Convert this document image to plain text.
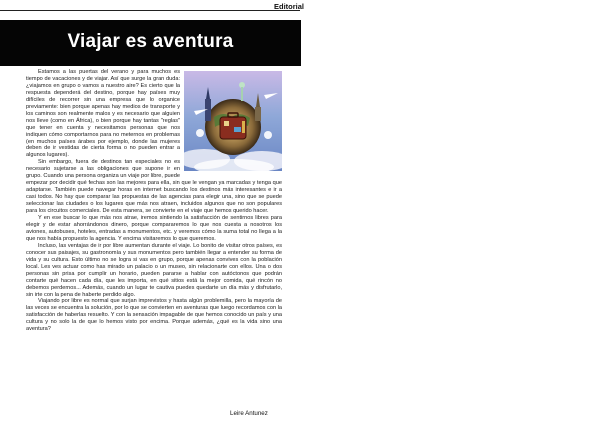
Editorial
Viajar es aventura

Estamos a las puertas del verano y para muchos es tiempo de vacaciones y de viajar. Así que surge la gran duda: ¿viajamos en grupo o vamos a nuestro aire? Es cierto que la respuesta dependerá del destino, porque hay países muy difíciles de recorrer sin una empresa que lo organice previamente: bien porque apenas hay medios de transporte y los caminos son realmente malos y es necesario que alguien nos lleve (como en África), o bien porque hay tantas "reglas" que tener en cuenta y necesitamos personas que nos indiquen cómo comportarnos para no meternos en problemas (en muchos países árabes por ejemplo, donde las mujeres deben de ir vestidas de cierta forma o no pueden entrar a algunos lugares).

Sin embargo, fuera de destinos tan especiales no es necesario sujetarse a las obligaciones que supone ir en grupo. Cuando una persona organiza un viaje por libre, puede empezar por decidir qué fechas son las mejores para ella, sin que le vengan ya marcadas y tenga que adaptarse. También puede navegar horas en internet buscando los destinos más interesantes e ir a casi todos. No hay que comparar las propuestas de las agencias para elegir una, sino que se puede seleccionar las ciudades o los lugares que más nos atraen, incluidos algunos que no son populares para los circuitos comerciales. De esta manera, se convierte en el viaje que hemos querido hacer.

Y en ese buscar lo que más nos atrae, iremos sintiendo la satisfacción de sentirnos libres para elegir y de estar ahorrándonos dinero, porque compararemos lo que nos cuesta a nosotros los aviones, autobuses, hoteles, entradas a monumentos, etc. y veremos cómo la suma total no llega a la que nos había propuesto la agencia. Y encima visitaremos lo que queremos.

Incluso, las ventajas de ir por libre aumentan durante el viaje. Lo bonito de visitar otros países, es conocer sus paisajes, su gastronomía y sus monumentos pero también llegar a entender su forma de vida y su cultura. Esto último no se logra si vas en grupo, porque apenas convives con la población local. Les ves actuar como has mirado un palacio o un museo, sin relacionarte con ellos. Una o dos personas sin prisa por cumplir un horario, pueden pararse a hablar con autóctonos que podrán contarte qué hacen cada día, que les importa, en qué sitios está la mejor comida, qué rincón no debemos perdernos... Además, cuando un lugar te cautiva puedes quedarte un día más y disfrutarlo, sin irte con la pena de haberte perdido algo.

Viajando por libre es normal que surjan imprevistos y hasta algún problemilla, pero la mayoría de las veces se encuentra la solución, por lo que se convierten en aventuras que luego recordamos con la satisfacción de haberlas resuelto. Y con la sensación impagable de que hemos conocido un país y una cultura y no solo la de que lo hemos visto por encima. Porque además, ¿qué es la vida sino una aventura?

Leire Antunez
